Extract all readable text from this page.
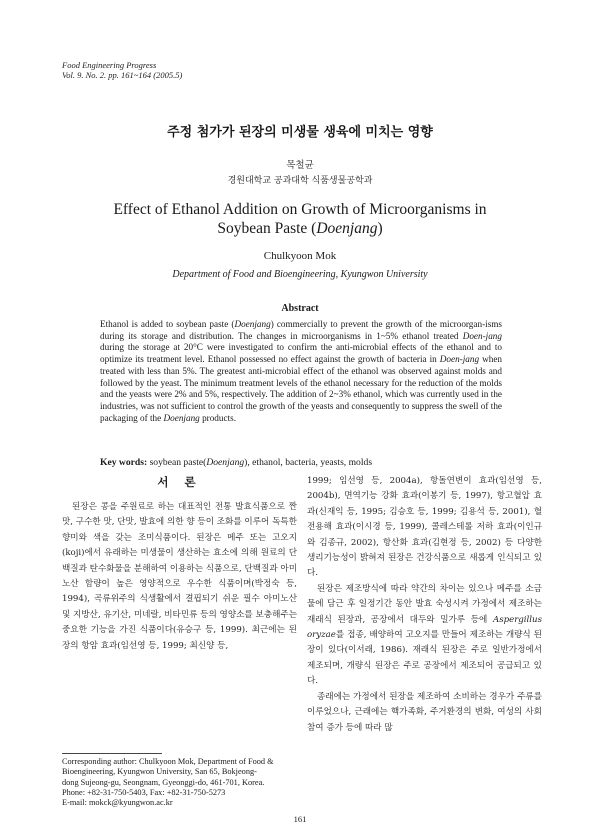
Food Engineering Progress
Vol. 9. No. 2. pp. 161~164 (2005.5)
주정 첨가가 된장의 미생물 생육에 미치는 영향
목철균
경원대학교 공과대학 식품생물공학과
Effect of Ethanol Addition on Growth of Microorganisms in
Soybean Paste (Doenjang)
Chulkyoon Mok
Department of Food and Bioengineering, Kyungwon University
Abstract

Ethanol is added to soybean paste (Doenjang) commercially to prevent the growth of the microorgan-isms during its storage and distribution. The changes in microorganisms in 1~5% ethanol treated Doen-jang during the storage at 20°C were investigated to confirm the anti-microbial effects of the ethanol and to optimize its treatment level. Ethanol possessed no effect against the growth of bacteria in Doen-jang when treated with less than 5%. The greatest anti-microbial effect of the ethanol was observed against molds and followed by the yeast. The minimum treatment levels of the ethanol necessary for the reduction of the molds and the yeasts were 2% and 5%, respectively. The addition of 2~3% ethanol, which was currently used in the industries, was not sufficient to control the growth of the yeasts and consequently to suppress the swell of the packaging of the Doenjang products.

Key words: soybean paste(Doenjang), ethanol, bacteria, yeasts, molds
서 론

된장은 콩을 주원료로 하는 대표적인 전통 발효식품으로 짠맛, 구수한 맛, 단맛, 발효에 의한 향 등이 조화를 이루어 독특한 향미와 색을 갖는 조미식품이다. 된장은 메주 또는 고오지(koji)에서 유래하는 미생물이 생산하는 효소에 의해 원료의 단백질과 탄수화물을 분해하여 이용하는 식품으로, 단백질과 아미노산 함량이 높은 영양적으로 우수한 식품이며(박정숙 등, 1994), 곡류위주의 식생활에서 결핍되기 쉬운 필수 아미노산 및 지방산, 유기산, 미네랄, 비타민류 등의 영양소를 보충해주는 중요한 기능을 가진 식품이다(유승구 등, 1999). 최근에는 된장의 항암 효과(임선영 등, 1999; 최신양 등,

1999; 임선영 등, 2004a), 항돌연변이 효과(임선영 등, 2004b), 면역기능 강화 효과(이봉기 등, 1997), 항고혈압 효과(신재익 등, 1995; 김승호 등, 1999; 김용석 등, 2001), 혈전용해 효과(이시경 등, 1999), 콜레스테롤 저하 효과(이인규와 김종규, 2002), 항산화 효과(김현정 등, 2002) 등 다양한 생리기능성이 밝혀져 된장은 건강식품으로 새롭게 인식되고 있다.

된장은 제조방식에 따라 약간의 차이는 있으나 메주를 소금물에 담근 후 일정기간 동안 발효 숙성시켜 가정에서 제조하는 재래식 된장과, 공장에서 대두와 밀가루 등에 Aspergillus oryzae를 접종, 배양하여 고오지를 만들어 제조하는 개량식 된장이 있다(이서래, 1986). 재래식 된장은 주로 일반가정에서 제조되며, 개량식 된장은 주로 공장에서 제조되어 공급되고 있다.

종래에는 가정에서 된장을 제조하여 소비하는 경우가 주류를 이루었으나, 근래에는 핵가족화, 주거환경의 변화, 여성의 사회참여 증가 등에 따라 많

Corresponding author: Chulkyoon Mok, Department of Food &
Bioengineering, Kyungwon University, San 65, Bokjeong-
dong Sujeong-gu, Seongnam, Gyeonggi-do, 461-701, Korea.
Phone: +82-31-750-5403, Fax: +82-31-750-5273
E-mail: mokck@kyungwon.ac.kr
161
